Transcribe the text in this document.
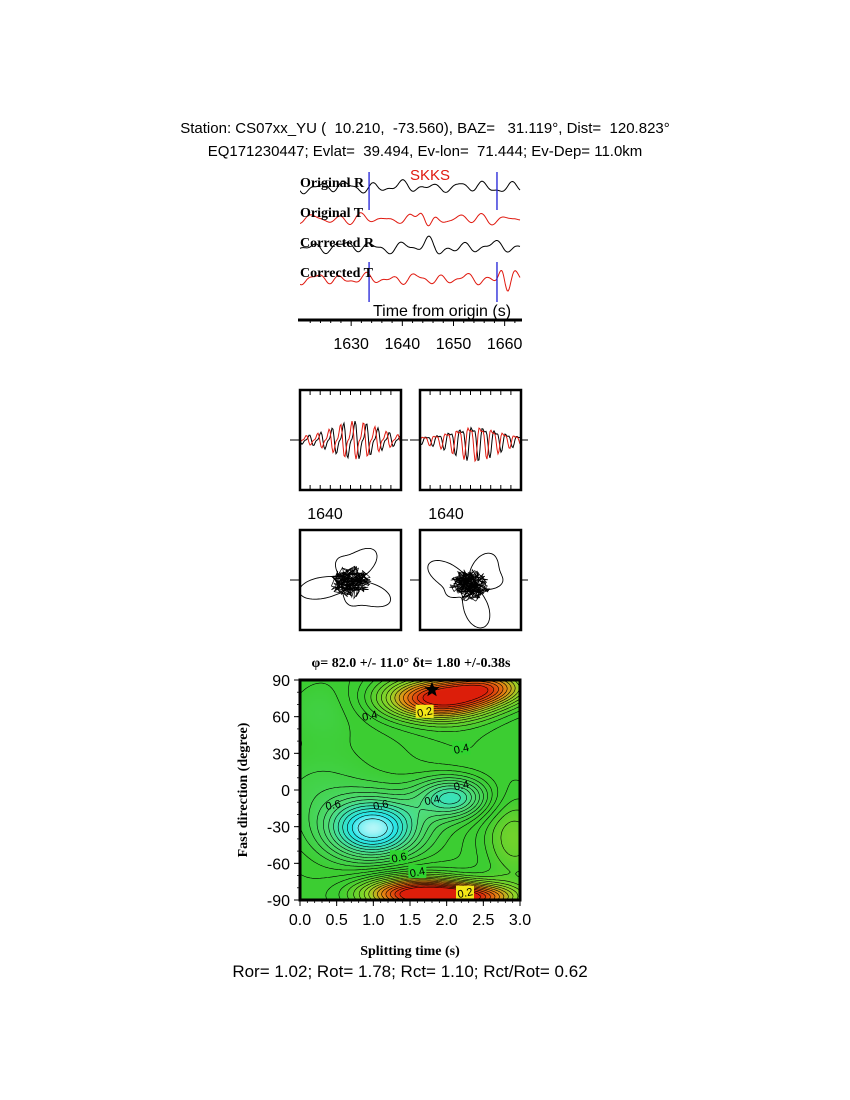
Station: CS07xx_YU (  10.210,  -73.560), BAZ=   31.119°, Dist=  120.823°
EQ171230447; Evlat=  39.494, Ev-lon=  71.444; Ev-Dep= 11.0km
Original R
Original T
Corrected R
Corrected T
SKKS
Time from origin (s)
1630 1640 1650 1660
1640	1640
φ= 82.0 +/- 11.0° δt= 1.80 +/-0.38s
0.4
0.4
0.4
0.4
0.6	0.6
0.6
0.4
0.2
0.2
0.0 0.5 1.0 1.5 2.0 2.5 3.0
90
60
30
0
-30
-60
-90
Splitting time (s)
Fast direction (degree)
Ror= 1.02; Rot= 1.78; Rct= 1.10; Rct/Rot= 0.62
